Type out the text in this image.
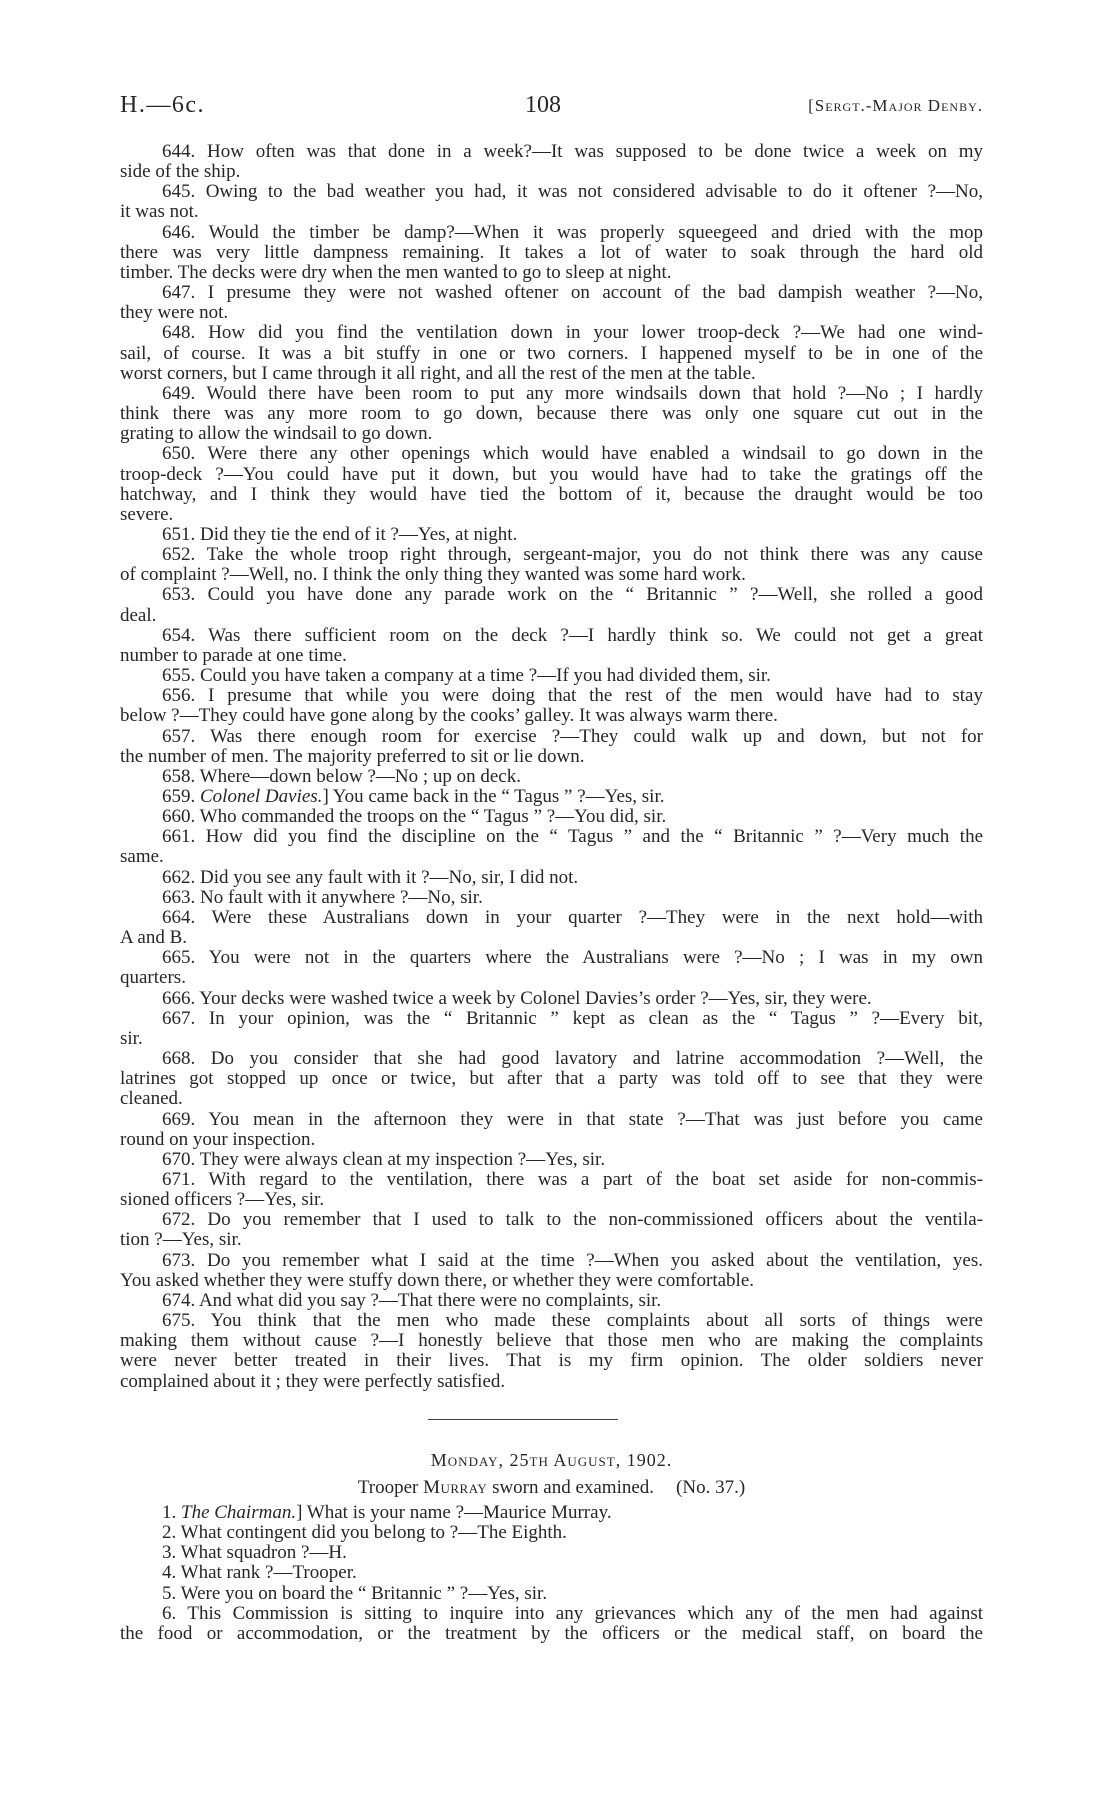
H.—6c.	108	[Sergt.-Major Denby.
644. How often was that done in a week?—It was supposed to be done twice a week on my
side of the ship.
645. Owing to the bad weather you had, it was not considered advisable to do it oftener ?—No,
it was not.
646. Would the timber be damp?—When it was properly squeegeed and dried with the mop
there was very little dampness remaining. It takes a lot of water to soak through the hard old
timber. The decks were dry when the men wanted to go to sleep at night.
647. I presume they were not washed oftener on account of the bad dampish weather ?—No,
they were not.
648. How did you find the ventilation down in your lower troop-deck ?—We had one wind-
sail, of course. It was a bit stuffy in one or two corners. I happened myself to be in one of the
worst corners, but I came through it all right, and all the rest of the men at the table.
649. Would there have been room to put any more windsails down that hold ?—No ; I hardly
think there was any more room to go down, because there was only one square cut out in the
grating to allow the windsail to go down.
650. Were there any other openings which would have enabled a windsail to go down in the
troop-deck ?—You could have put it down, but you would have had to take the gratings off the
hatchway, and I think they would have tied the bottom of it, because the draught would be too
severe.
651. Did they tie the end of it ?—Yes, at night.
652. Take the whole troop right through, sergeant-major, you do not think there was any cause
of complaint ?—Well, no. I think the only thing they wanted was some hard work.
653. Could you have done any parade work on the “ Britannic ” ?—Well, she rolled a good
deal.
654. Was there sufficient room on the deck ?—I hardly think so. We could not get a great
number to parade at one time.
655. Could you have taken a company at a time ?—If you had divided them, sir.
656. I presume that while you were doing that the rest of the men would have had to stay
below ?—They could have gone along by the cooks’ galley. It was always warm there.
657. Was there enough room for exercise ?—They could walk up and down, but not for
the number of men. The majority preferred to sit or lie down.
658. Where—down below ?—No ; up on deck.
659. Colonel Davies.] You came back in the “ Tagus ” ?—Yes, sir.
660. Who commanded the troops on the “ Tagus ” ?—You did, sir.
661. How did you find the discipline on the “ Tagus ” and the “ Britannic ” ?—Very much the
same.
662. Did you see any fault with it ?—No, sir, I did not.
663. No fault with it anywhere ?—No, sir.
664. Were these Australians down in your quarter ?—They were in the next hold—with
A and B.
665. You were not in the quarters where the Australians were ?—No ; I was in my own
quarters.
666. Your decks were washed twice a week by Colonel Davies’s order ?—Yes, sir, they were.
667. In your opinion, was the “ Britannic ” kept as clean as the “ Tagus ” ?—Every bit,
sir.
668. Do you consider that she had good lavatory and latrine accommodation ?—Well, the
latrines got stopped up once or twice, but after that a party was told off to see that they were
cleaned.
669. You mean in the afternoon they were in that state ?—That was just before you came
round on your inspection.
670. They were always clean at my inspection ?—Yes, sir.
671. With regard to the ventilation, there was a part of the boat set aside for non-commis-
sioned officers ?—Yes, sir.
672. Do you remember that I used to talk to the non-commissioned officers about the ventila-
tion ?—Yes, sir.
673. Do you remember what I said at the time ?—When you asked about the ventilation, yes.
You asked whether they were stuffy down there, or whether they were comfortable.
674. And what did you say ?—That there were no complaints, sir.
675. You think that the men who made these complaints about all sorts of things were
making them without cause ?—I honestly believe that those men who are making the complaints
were never better treated in their lives. That is my firm opinion. The older soldiers never
complained about it ; they were perfectly satisfied.
Monday, 25th August, 1902.
Trooper Murray sworn and examined. (No. 37.)
1. The Chairman.] What is your name ?—Maurice Murray.
2. What contingent did you belong to ?—The Eighth.
3. What squadron ?—H.
4. What rank ?—Trooper.
5. Were you on board the “ Britannic ” ?—Yes, sir.
6. This Commission is sitting to inquire into any grievances which any of the men had against
the food or accommodation, or the treatment by the officers or the medical staff, on board the
